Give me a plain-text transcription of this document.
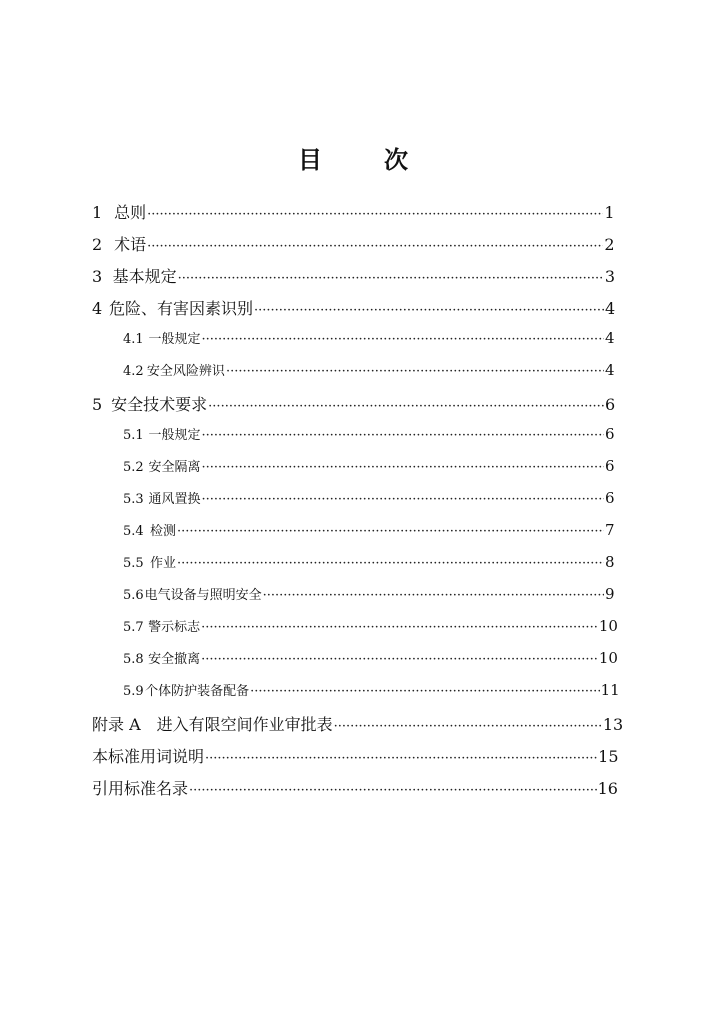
目	次
1 总则 ·····	1
2 术语 ·····	2
3 基本规定 ·····	3
4 危险、有害因素识别 ·····	4
4.1 一般规定 ·····	4
4.2 安全风险辨识 ·····	4
5 安全技术要求 ·····	6
5.1 一般规定 ·····	6
5.2 安全隔离 ·····	6
5.3 通风置换 ·····	6
5.4 检测 ·····	7
5.5 作业 ·····	8
5.6 电气设备与照明安全 ·····	9
5.7 警示标志 ·····	10
5.8 安全撤离 ·····	10
5.9 个体防护装备配备 ·····	11
附录 A　进入有限空间作业审批表 ·····	13
本标准用词说明 ·····	15
引用标准名录 ·····	16
